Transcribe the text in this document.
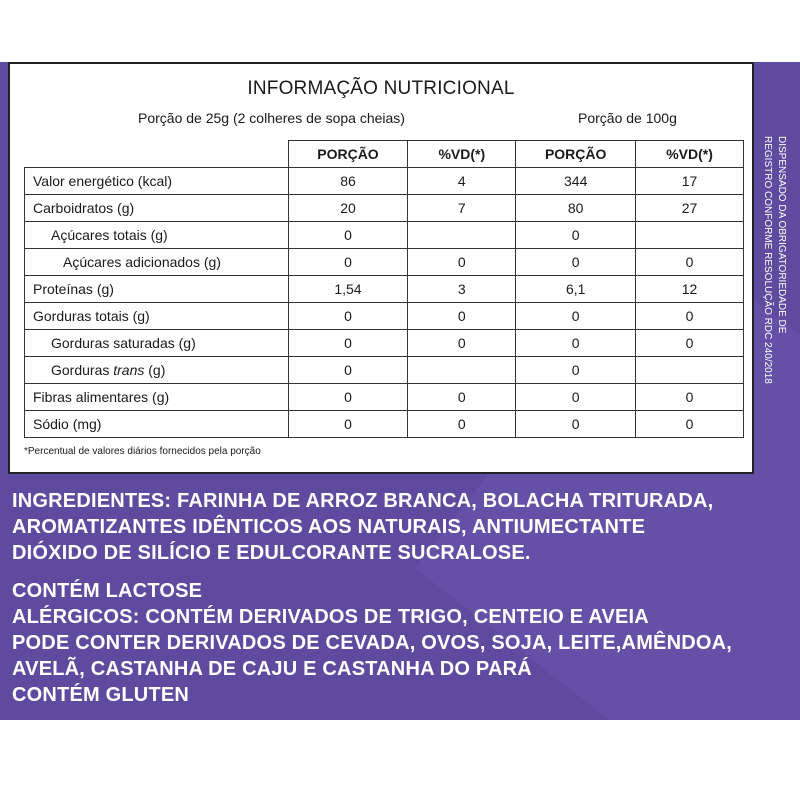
INFORMAÇÃO NUTRICIONAL
Porção de 25g (2 colheres de sopa cheias)	Porção de 100g
	PORÇÃO	%VD(*)	PORÇÃO	%VD(*)
Valor energético (kcal)	86	4	344	17
Carboidratos (g)	20	7	80	27
Açúcares totais (g)	0		0	
Açúcares adicionados (g)	0	0	0	0
Proteínas (g)	1,54	3	6,1	12
Gorduras totais (g)	0	0	0	0
Gorduras saturadas (g)	0	0	0	0
Gorduras trans (g)	0		0	
Fibras alimentares (g)	0	0	0	0
Sódio (mg)	0	0	0	0
*Percentual de valores diários fornecidos pela porção
DISPENSADO DA OBRIGATORIEDADE DE
REGISTRO CONFORME RESOLUÇÃO RDC 240/2018
INGREDIENTES: FARINHA DE ARROZ BRANCA, BOLACHA TRITURADA,
AROMATIZANTES IDÊNTICOS AOS NATURAIS, ANTIUMECTANTE
DIÓXIDO DE SILÍCIO E EDULCORANTE SUCRALOSE.
CONTÉM LACTOSE
ALÉRGICOS: CONTÉM DERIVADOS DE TRIGO, CENTEIO E AVEIA
PODE CONTER DERIVADOS DE CEVADA, OVOS, SOJA, LEITE,AMÊNDOA,
AVELÃ, CASTANHA DE CAJU E CASTANHA DO PARÁ
CONTÉM GLUTEN
